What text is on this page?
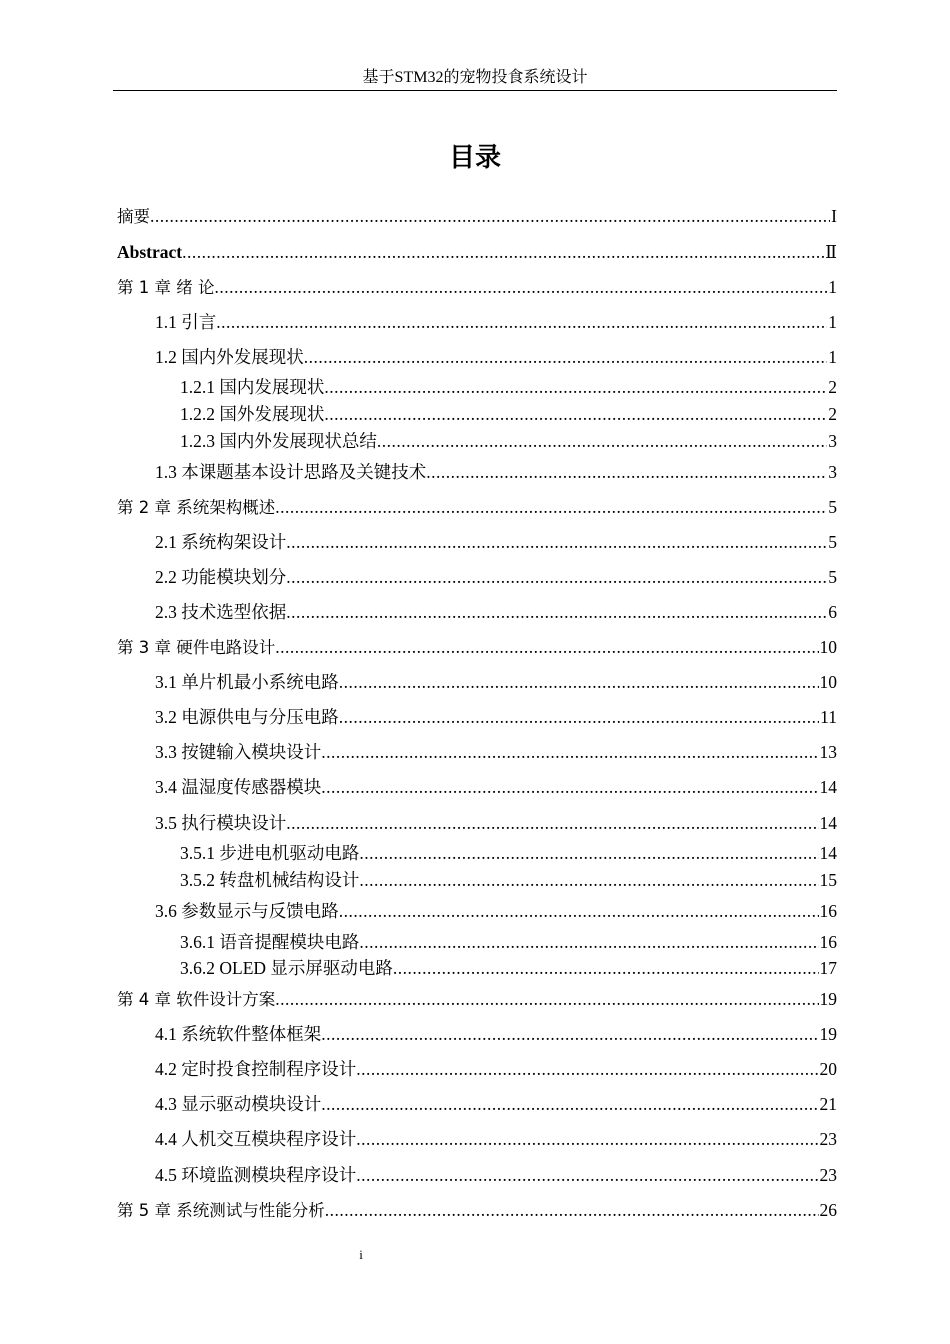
基于STM32的宠物投食系统设计
目录
摘要 .....	I
Abstract .....	Ⅱ
第 1 章 绪 论 .....	1
1.1 引言 .....	1
1.2 国内外发展现状 .....	1
1.2.1 国内发展现状 .....	2
1.2.2 国外发展现状 .....	2
1.2.3 国内外发展现状总结 .....	3
1.3 本课题基本设计思路及关键技术 .....	3
第 2 章 系统架构概述 .....	5
2.1 系统构架设计 .....	5
2.2 功能模块划分 .....	5
2.3 技术选型依据 .....	6
第 3 章 硬件电路设计 .....	10
3.1 单片机最小系统电路 .....	10
3.2 电源供电与分压电路 .....	11
3.3 按键输入模块设计 .....	13
3.4 温湿度传感器模块 .....	14
3.5 执行模块设计 .....	14
3.5.1 步进电机驱动电路 .....	14
3.5.2 转盘机械结构设计 .....	15
3.6 参数显示与反馈电路 .....	16
3.6.1 语音提醒模块电路 .....	16
3.6.2 OLED 显示屏驱动电路 .....	17
第 4 章 软件设计方案 .....	19
4.1 系统软件整体框架 .....	19
4.2 定时投食控制程序设计 .....	20
4.3 显示驱动模块设计 .....	21
4.4 人机交互模块程序设计 .....	23
4.5 环境监测模块程序设计 .....	23
第 5 章 系统测试与性能分析 .....	26
i
